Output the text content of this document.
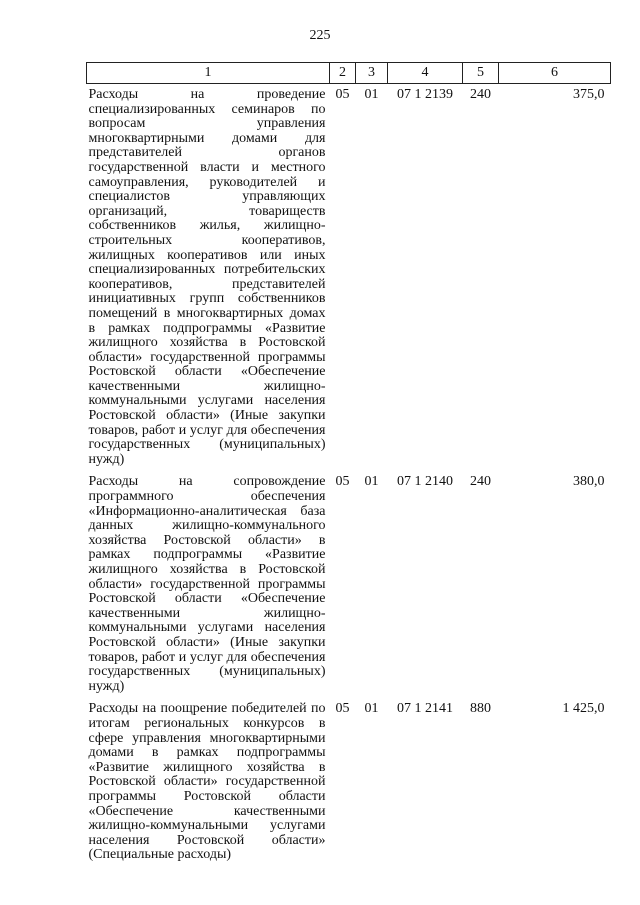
225
1	2	3	4	5	6
Расходы на проведение специализированных семинаров по вопросам управления многоквартирными домами для представителей органов государственной власти и местного самоуправления, руководителей и специалистов управляющих организаций, товариществ собственников жилья, жилищно-строительных кооперативов, жилищных кооперативов или иных специализированных потребительских кооперативов, представителей инициативных групп собственников помещений в многоквартирных домах в рамках подпрограммы «Развитие жилищного хозяйства в Ростовской области» государственной программы Ростовской области «Обеспечение качественными жилищно-коммунальными услугами населения Ростовской области» (Иные закупки товаров, работ и услуг для обеспечения государственных (муниципальных) нужд)	05	01	07 1 2139	240	375,0
Расходы на сопровождение программного обеспечения «Информационно-аналитическая база данных жилищно-коммунального хозяйства Ростовской области» в рамках подпрограммы «Развитие жилищного хозяйства в Ростовской области» государственной программы Ростовской области «Обеспечение качественными жилищно-коммунальными услугами населения Ростовской области» (Иные закупки товаров, работ и услуг для обеспечения государственных (муниципальных) нужд)	05	01	07 1 2140	240	380,0
Расходы на поощрение победителей по итогам региональных конкурсов в сфере управления многоквартирными домами в рамках подпрограммы «Развитие жилищного хозяйства в Ростовской области» государственной программы Ростовской области «Обеспечение качественными жилищно-коммунальными услугами населения Ростовской области» (Специальные расходы)	05	01	07 1 2141	880	1 425,0
